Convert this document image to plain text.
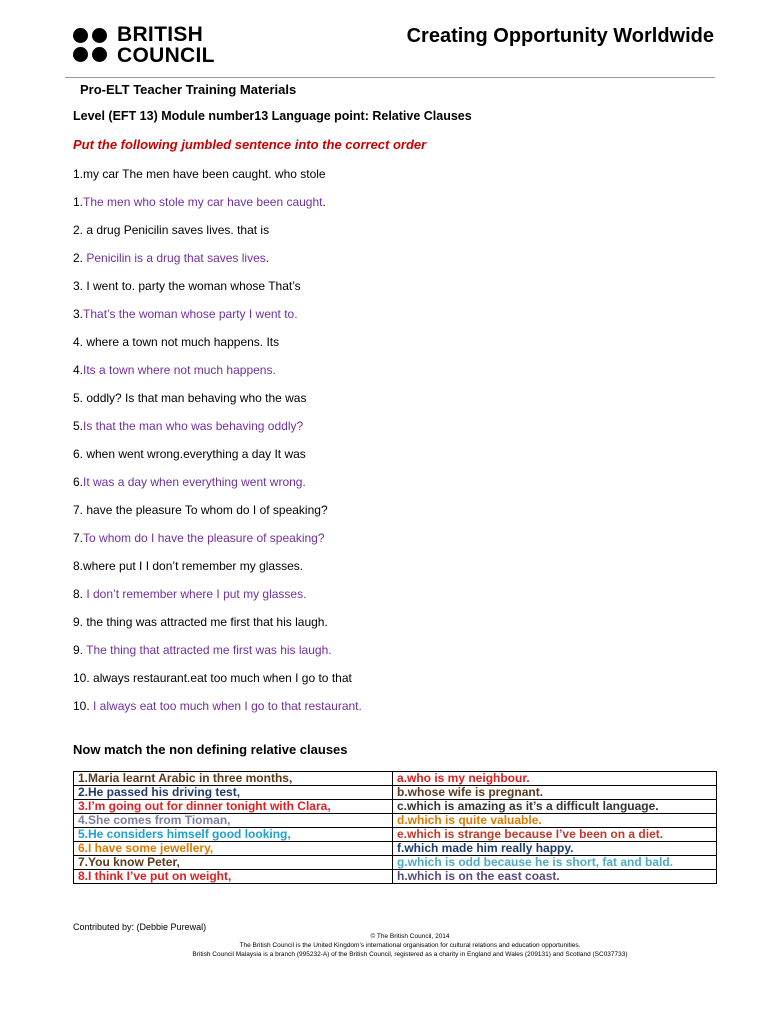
BRITISH
COUNCIL
Creating Opportunity Worldwide
Pro-ELT Teacher Training Materials
Level (EFT 13) Module number13 Language point: Relative Clauses
Put the following jumbled sentence into the correct order
1.my car The men have been caught. who stole
1.The men who stole my car have been caught.
2. a drug Penicilin saves lives. that is
2. Penicilin is a drug that saves lives.
3. I went to. party the woman whose That’s
3.That’s the woman whose party I went to.
4. where a town not much happens. Its
4.Its a town where not much happens.
5. oddly? Is that man behaving who the was
5.Is that the man who was behaving oddly?
6. when went wrong.everything a day It was
6.It was a day when everything went wrong.
7. have the pleasure To whom do I of speaking?
7.To whom do I have the pleasure of speaking?
8.where put I I don’t remember my glasses.
8. I don’t remember where I put my glasses.
9. the thing was attracted me first that his laugh.
9. The thing that attracted me first was his laugh.
10. always restaurant.eat too much when I go to that
10. I always eat too much when I go to that restaurant.
Now match the non defining relative clauses
1.Maria learnt Arabic in three months,	a.who is my neighbour.
2.He passed his driving test,	b.whose wife is pregnant.
3.I’m going out for dinner tonight with Clara,	c.which is amazing as it’s a difficult language.
4.She comes from Tioman,	d.which is quite valuable.
5.He considers himself good looking,	e.which is strange because I’ve been on a diet.
6.I have some jewellery,	f.which made him really happy.
7.You know Peter,	g.which is odd because he is short, fat and bald.
8.I think I’ve put on weight,	h.which is on the east coast.
Contributed by: (Debbie Purewal)
© The British Council, 2014
The British Council is the United Kingdom’s international organisation for cultural relations and education opportunities.
British Council Malaysia is a branch (995232-A) of the British Council, registered as a charity in England and Wales (209131) and Scotland (SC037733)
